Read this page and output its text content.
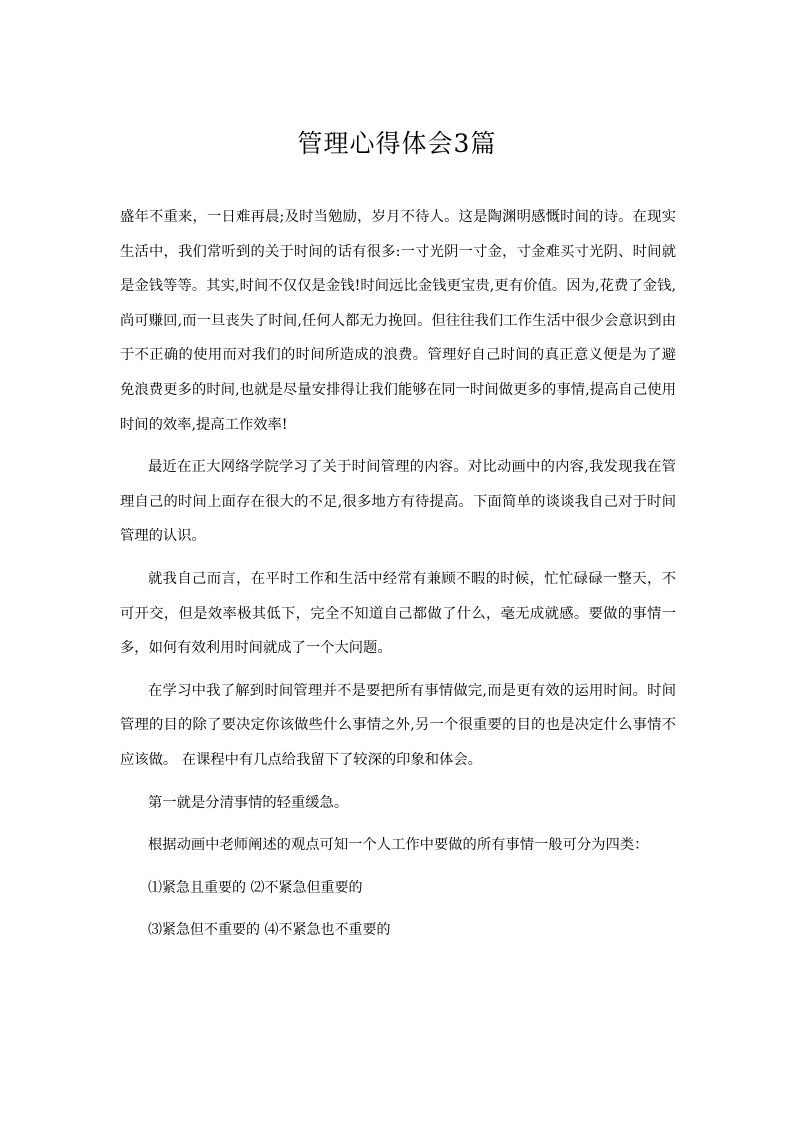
管理心得体会3篇

盛年不重来，一日难再晨;及时当勉励，岁月不待人。这是陶渊明感慨时间的诗。在现实生活中，我们常听到的关于时间的话有很多:一寸光阴一寸金，寸金难买寸光阴、时间就是金钱等等。其实,时间不仅仅是金钱!时间远比金钱更宝贵,更有价值。因为,花费了金钱,尚可赚回,而一旦丧失了时间,任何人都无力挽回。但往往我们工作生活中很少会意识到由于不正确的使用而对我们的时间所造成的浪费。管理好自己时间的真正意义便是为了避免浪费更多的时间,也就是尽量安排得让我们能够在同一时间做更多的事情,提高自己使用时间的效率,提高工作效率!

最近在正大网络学院学习了关于时间管理的内容。对比动画中的内容,我发现我在管理自己的时间上面存在很大的不足,很多地方有待提高。下面简单的谈谈我自己对于时间管理的认识。

就我自己而言，在平时工作和生活中经常有兼顾不暇的时候，忙忙碌碌一整天，不可开交，但是效率极其低下，完全不知道自己都做了什么，毫无成就感。要做的事情一多，如何有效利用时间就成了一个大问题。

在学习中我了解到时间管理并不是要把所有事情做完,而是更有效的运用时间。时间管理的目的除了要决定你该做些什么事情之外,另一个很重要的目的也是决定什么事情不应该做。 在课程中有几点给我留下了较深的印象和体会。

第一就是分清事情的轻重缓急。

根据动画中老师阐述的观点可知一个人工作中要做的所有事情一般可分为四类：

⑴紧急且重要的 ⑵不紧急但重要的

⑶紧急但不重要的 ⑷不紧急也不重要的
